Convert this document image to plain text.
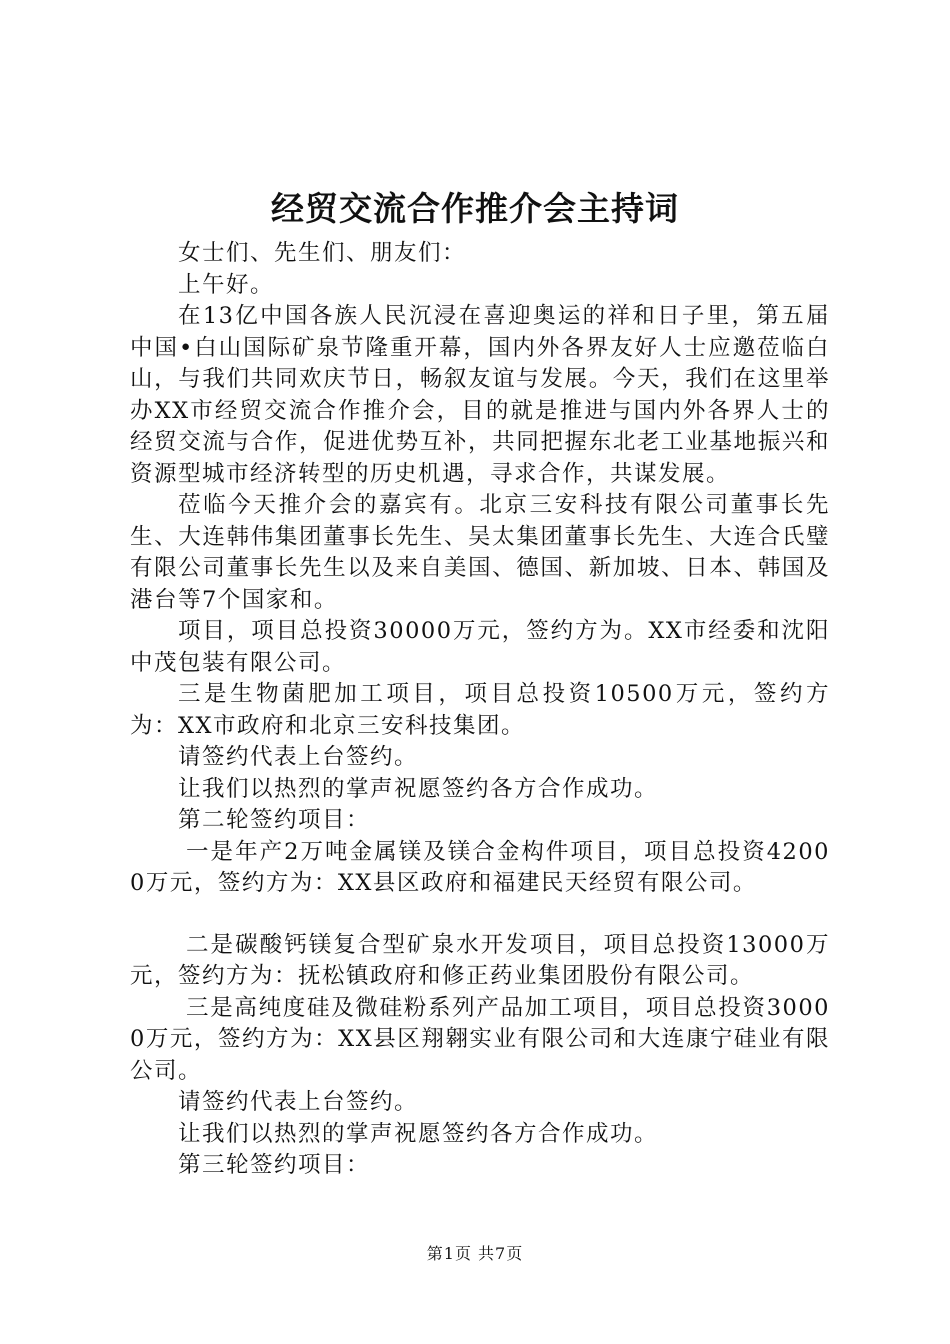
经贸交流合作推介会主持词

女士们、先生们、朋友们：

上午好。

在13亿中国各族人民沉浸在喜迎奥运的祥和日子里，第五届中国•白山国际矿泉节隆重开幕，国内外各界友好人士应邀莅临白山，与我们共同欢庆节日，畅叙友谊与发展。今天，我们在这里举办XX市经贸交流合作推介会，目的就是推进与国内外各界人士的经贸交流与合作，促进优势互补，共同把握东北老工业基地振兴和资源型城市经济转型的历史机遇，寻求合作，共谋发展。

莅临今天推介会的嘉宾有。北京三安科技有限公司董事长先生、大连韩伟集团董事长先生、吴太集团董事长先生、大连合氏璧有限公司董事长先生以及来自美国、德国、新加坡、日本、韩国及港台等7个国家和。

项目，项目总投资30000万元，签约方为。XX市经委和沈阳中茂包装有限公司。

三是生物菌肥加工项目，项目总投资10500万元，签约方为：XX市政府和北京三安科技集团。

请签约代表上台签约。

让我们以热烈的掌声祝愿签约各方合作成功。

第二轮签约项目：

一是年产2万吨金属镁及镁合金构件项目，项目总投资42000万元，签约方为：XX县区政府和福建民天经贸有限公司。

二是碳酸钙镁复合型矿泉水开发项目，项目总投资13000万元，签约方为：抚松镇政府和修正药业集团股份有限公司。

三是高纯度硅及微硅粉系列产品加工项目，项目总投资30000万元，签约方为：XX县区翔翱实业有限公司和大连康宁硅业有限公司。

请签约代表上台签约。

让我们以热烈的掌声祝愿签约各方合作成功。

第三轮签约项目：

第1页 共7页
